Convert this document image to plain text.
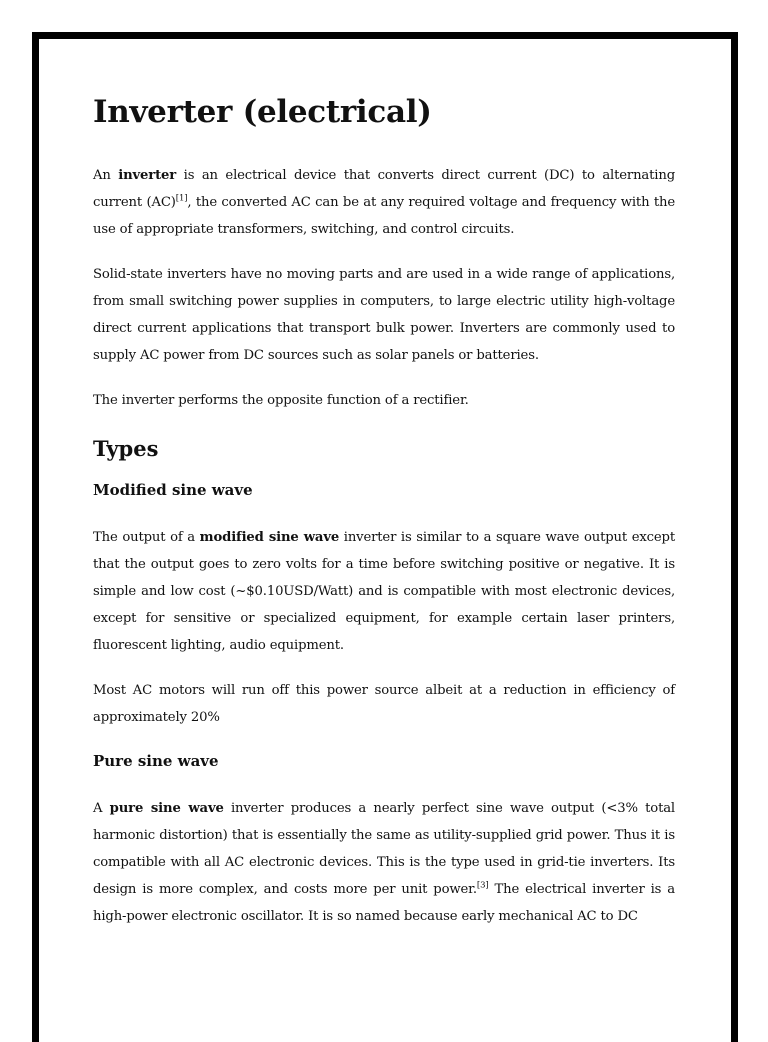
Inverter (electrical)

An inverter is an electrical device that converts direct current (DC) to alternating current (AC)[1], the converted AC can be at any required voltage and frequency with the use of appropriate transformers, switching, and control circuits.

Solid-state inverters have no moving parts and are used in a wide range of applications, from small switching power supplies in computers, to large electric utility high-voltage direct current applications that transport bulk power. Inverters are commonly used to supply AC power from DC sources such as solar panels or batteries.

The inverter performs the opposite function of a rectifier.

Types
Modified sine wave

The output of a modified sine wave inverter is similar to a square wave output except that the output goes to zero volts for a time before switching positive or negative. It is simple and low cost (~$0.10USD/Watt) and is compatible with most electronic devices, except for sensitive or specialized equipment, for example certain laser printers, fluorescent lighting, audio equipment.

Most AC motors will run off this power source albeit at a reduction in efficiency of approximately 20%

Pure sine wave

A pure sine wave inverter produces a nearly perfect sine wave output (<3% total harmonic distortion) that is essentially the same as utility-supplied grid power. Thus it is compatible with all AC electronic devices. This is the type used in grid-tie inverters. Its design is more complex, and costs more per unit power.[3] The electrical inverter is a high-power electronic oscillator. It is so named because early mechanical AC to DC
